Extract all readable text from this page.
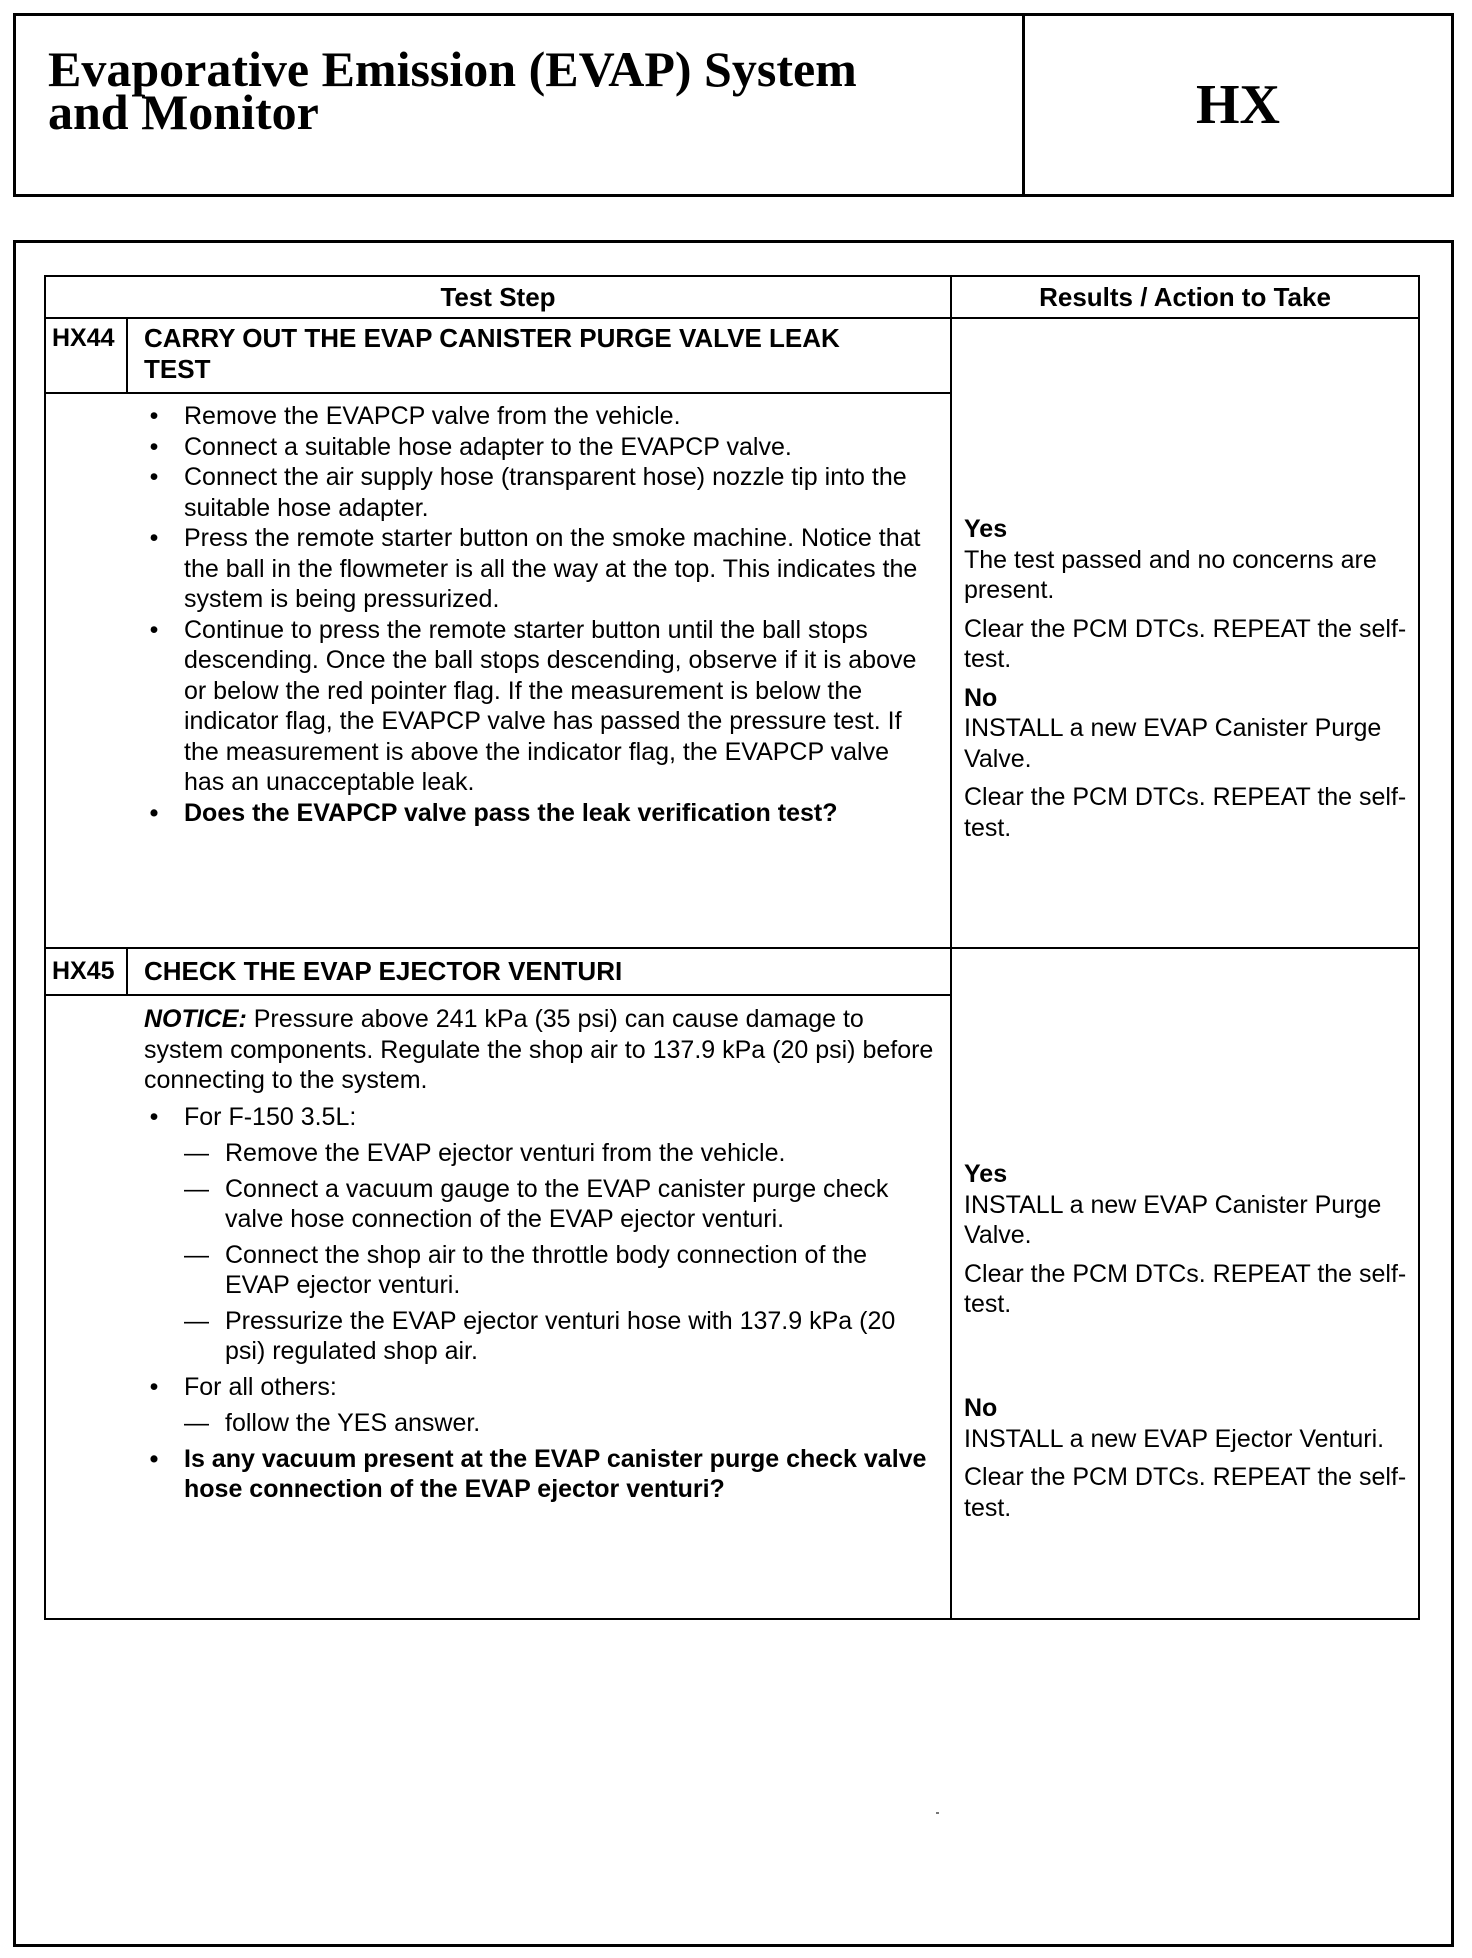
HX
Evaporative Emission (EVAP) System
and Monitor
Test Step	Results / Action to Take
HX44 CARRY OUT THE EVAP CANISTER PURGE VALVE LEAK
TEST
• Remove the EVAPCP valve from the vehicle.
• Connect a suitable hose adapter to the EVAPCP valve.
• Connect the air supply hose (transparent hose) nozzle tip into the suitable hose adapter.
• Press the remote starter button on the smoke machine. Notice that the ball in the flowmeter is all the way at the top. This indicates the system is being pressurized.
• Continue to press the remote starter button until the ball stops descending. Once the ball stops descending, observe if it is above or below the red pointer flag. If the measurement is below the indicator flag, the EVAPCP valve has passed the pressure test. If the measurement is above the indicator flag, the EVAPCP valve has an unacceptable leak.
• Does the EVAPCP valve pass the leak verification test?
Yes

The test passed and no concerns are present.

Clear the PCM DTCs. REPEAT the self-test.

No

INSTALL a new EVAP Canister Purge Valve.

Clear the PCM DTCs. REPEAT the self-test.

HX45 CHECK THE EVAP EJECTOR VENTURI
NOTICE: Pressure above 241 kPa (35 psi) can cause damage to system components. Regulate the shop air to 137.9 kPa (20 psi) before connecting to the system.
• For F-150 3.5L:
— Remove the EVAP ejector venturi from the vehicle.
— Connect a vacuum gauge to the EVAP canister purge check valve hose connection of the EVAP ejector venturi.
— Connect the shop air to the throttle body connection of the EVAP ejector venturi.
— Pressurize the EVAP ejector venturi hose with 137.9 kPa (20 psi) regulated shop air.
• For all others:
— follow the YES answer.
• Is any vacuum present at the EVAP canister purge check valve hose connection of the EVAP ejector venturi?
Yes

INSTALL a new EVAP Canister Purge Valve.

Clear the PCM DTCs. REPEAT the self-test.

No

INSTALL a new EVAP Ejector Venturi.

Clear the PCM DTCs. REPEAT the self-test.
